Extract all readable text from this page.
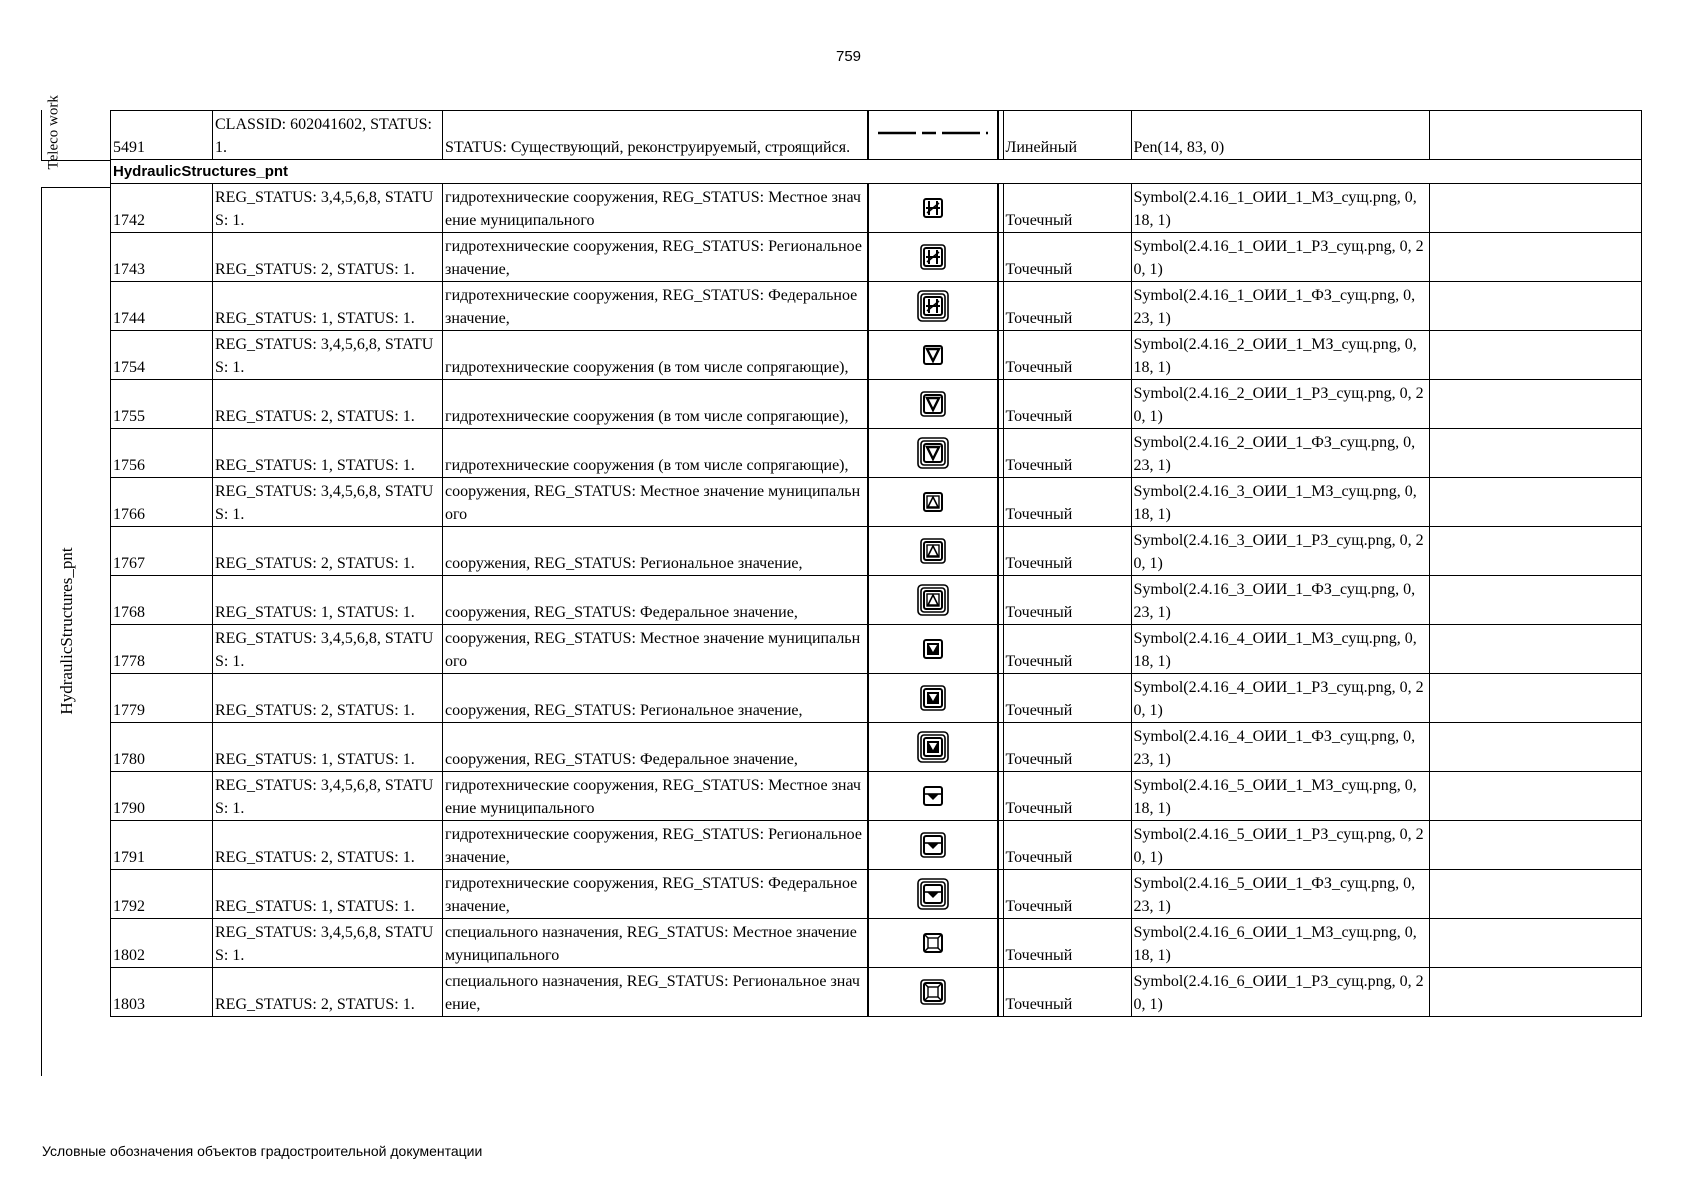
759
Teleco work
HydraulicStructures_pnt
5491	CLASSID: 602041602, STATUS: 1.	STATUS: Существующий, реконструируемый, строящийся.			Линейный	Pen(14, 83, 0)	
HydraulicStructures_pnt							
1742	REG_STATUS: 3,4,5,6,8, STATUS: 1.	гидротехнические сооружения, REG_STATUS: Местное значение муниципального			Точечный	Symbol(2.4.16_1_ОИИ_1_МЗ_сущ.png, 0, 18, 1)	
1743	REG_STATUS: 2, STATUS: 1.	гидротехнические сооружения, REG_STATUS: Региональное значение,			Точечный	Symbol(2.4.16_1_ОИИ_1_РЗ_сущ.png, 0, 20, 1)	
1744	REG_STATUS: 1, STATUS: 1.	гидротехнические сооружения, REG_STATUS: Федеральное значение,			Точечный	Symbol(2.4.16_1_ОИИ_1_ФЗ_сущ.png, 0, 23, 1)	
1754	REG_STATUS: 3,4,5,6,8, STATUS: 1.	гидротехнические сооружения (в том числе сопрягающие),			Точечный	Symbol(2.4.16_2_ОИИ_1_МЗ_сущ.png, 0, 18, 1)	
1755	REG_STATUS: 2, STATUS: 1.	гидротехнические сооружения (в том числе сопрягающие),			Точечный	Symbol(2.4.16_2_ОИИ_1_РЗ_сущ.png, 0, 20, 1)	
1756	REG_STATUS: 1, STATUS: 1.	гидротехнические сооружения (в том числе сопрягающие),			Точечный	Symbol(2.4.16_2_ОИИ_1_ФЗ_сущ.png, 0, 23, 1)	
1766	REG_STATUS: 3,4,5,6,8, STATUS: 1.	сооружения, REG_STATUS: Местное значение муниципального			Точечный	Symbol(2.4.16_3_ОИИ_1_МЗ_сущ.png, 0, 18, 1)	
1767	REG_STATUS: 2, STATUS: 1.	сооружения, REG_STATUS: Региональное значение,			Точечный	Symbol(2.4.16_3_ОИИ_1_РЗ_сущ.png, 0, 20, 1)	
1768	REG_STATUS: 1, STATUS: 1.	сооружения, REG_STATUS: Федеральное значение,			Точечный	Symbol(2.4.16_3_ОИИ_1_ФЗ_сущ.png, 0, 23, 1)	
1778	REG_STATUS: 3,4,5,6,8, STATUS: 1.	сооружения, REG_STATUS: Местное значение муниципального			Точечный	Symbol(2.4.16_4_ОИИ_1_МЗ_сущ.png, 0, 18, 1)	
1779	REG_STATUS: 2, STATUS: 1.	сооружения, REG_STATUS: Региональное значение,			Точечный	Symbol(2.4.16_4_ОИИ_1_РЗ_сущ.png, 0, 20, 1)	
1780	REG_STATUS: 1, STATUS: 1.	сооружения, REG_STATUS: Федеральное значение,			Точечный	Symbol(2.4.16_4_ОИИ_1_ФЗ_сущ.png, 0, 23, 1)	
1790	REG_STATUS: 3,4,5,6,8, STATUS: 1.	гидротехнические сооружения, REG_STATUS: Местное значение муниципального			Точечный	Symbol(2.4.16_5_ОИИ_1_МЗ_сущ.png, 0, 18, 1)	
1791	REG_STATUS: 2, STATUS: 1.	гидротехнические сооружения, REG_STATUS: Региональное значение,			Точечный	Symbol(2.4.16_5_ОИИ_1_РЗ_сущ.png, 0, 20, 1)	
1792	REG_STATUS: 1, STATUS: 1.	гидротехнические сооружения, REG_STATUS: Федеральное значение,			Точечный	Symbol(2.4.16_5_ОИИ_1_ФЗ_сущ.png, 0, 23, 1)	
1802	REG_STATUS: 3,4,5,6,8, STATUS: 1.	специального назначения, REG_STATUS: Местное значение муниципального			Точечный	Symbol(2.4.16_6_ОИИ_1_МЗ_сущ.png, 0, 18, 1)	
1803	REG_STATUS: 2, STATUS: 1.	специального назначения, REG_STATUS: Региональное значение,			Точечный	Symbol(2.4.16_6_ОИИ_1_РЗ_сущ.png, 0, 20, 1)	
Условные обозначения объектов градостроительной документации
